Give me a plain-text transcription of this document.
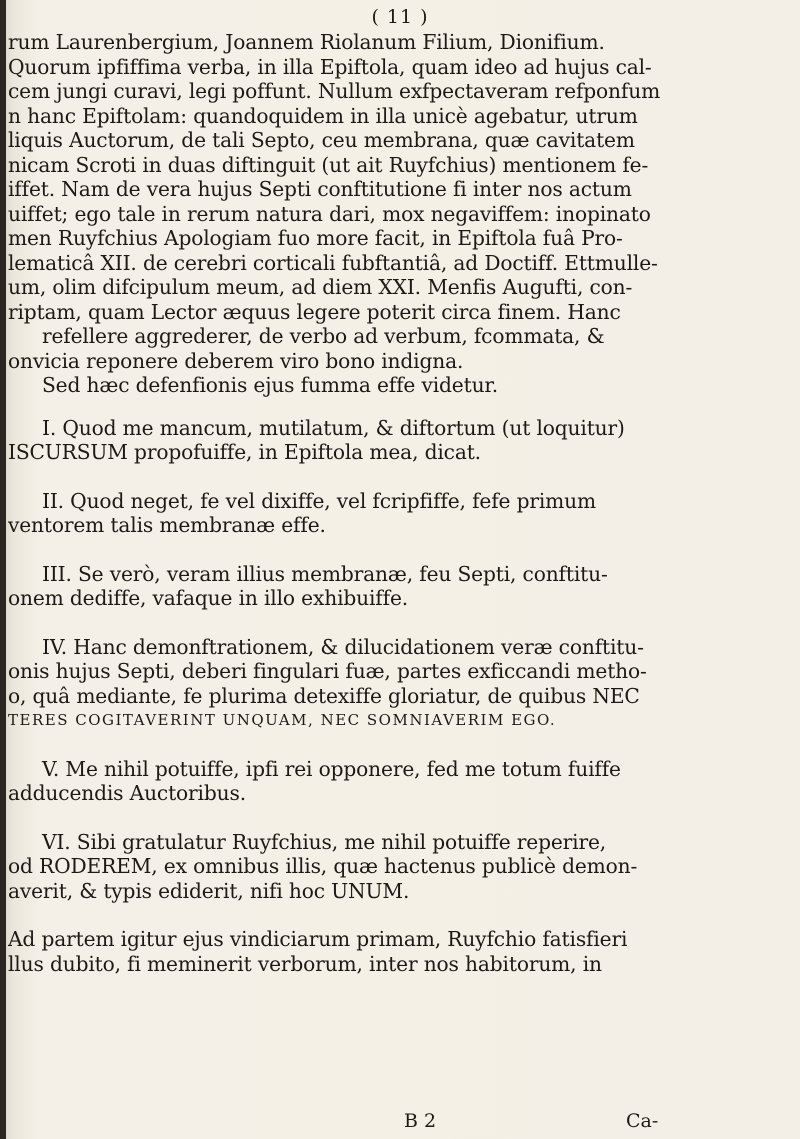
( 11 )
rum Laurenbergium, Joannem Riolanum Filium, Dionifium.
Quorum ipfiffima verba, in illa Epiftola, quam ideo ad hujus cal-
cem jungi curavi, legi poffunt. Nullum exfpectaveram refponfum
n hanc Epiftolam: quandoquidem in illa unicè agebatur, utrum
liquis Auctorum, de tali Septo, ceu membrana, quæ cavitatem
nicam Scroti in duas diftinguit (ut ait Ruyfchius) mentionem fe-
iffet. Nam de vera hujus Septi conftitutione fi inter nos actum
uiffet; ego tale in rerum natura dari, mox negaviffem: inopinato
men Ruyfchius Apologiam fuo more facit, in Epiftola fuâ Pro-
lematicâ XII. de cerebri corticali fubftantiâ, ad Doctiff. Ettmulle-
um, olim difcipulum meum, ad diem XXI. Menfis Augufti, con-
riptam, quam Lector æquus legere poterit circa finem. Hanc
refellere aggrederer, de verbo ad verbum, fcommata, &
onvicia reponere deberem viro bono indigna.
Sed hæc defenfionis ejus fumma effe videtur.
I. Quod me mancum, mutilatum, & diftortum (ut loquitur)
ISCURSUM propofuiffe, in Epiftola mea, dicat.
II. Quod neget, fe vel dixiffe, vel fcripfiffe, fefe primum
ventorem talis membranæ effe.
III. Se verò, veram illius membranæ, feu Septi, conftitu-
onem dediffe, vafaque in illo exhibuiffe.
IV. Hanc demonftrationem, & dilucidationem veræ conftitu-
onis hujus Septi, deberi fingulari fuæ, partes exficcandi metho-
o, quâ mediante, fe plurima detexiffe gloriatur, de quibus NEC
TERES COGITAVERINT UNQUAM, NEC SOMNIAVERIM EGO.
V. Me nihil potuiffe, ipfi rei opponere, fed me totum fuiffe
adducendis Auctoribus.
VI. Sibi gratulatur Ruyfchius, me nihil potuiffe reperire,
od RODEREM, ex omnibus illis, quæ hactenus publicè demon-
averit, & typis ediderit, nifi hoc UNUM.
Ad partem igitur ejus vindiciarum primam, Ruyfchio fatisfieri
llus dubito, fi meminerit verborum, inter nos habitorum, in
B 2	Ca-
